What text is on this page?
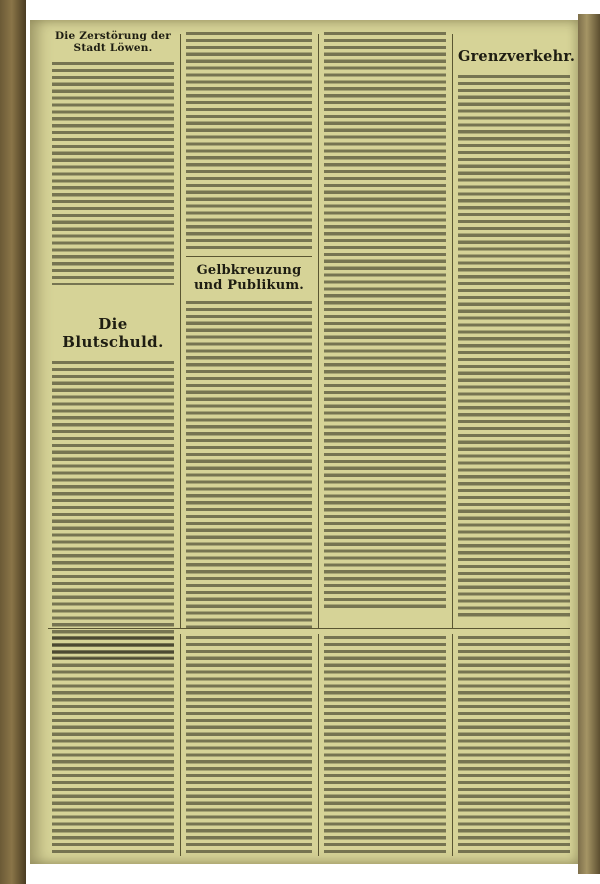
Die Zerstörung der Stadt Löwen.

Die Blutschuld.

Gelbkreuzung und Publikum.

Grenzverkehr.
